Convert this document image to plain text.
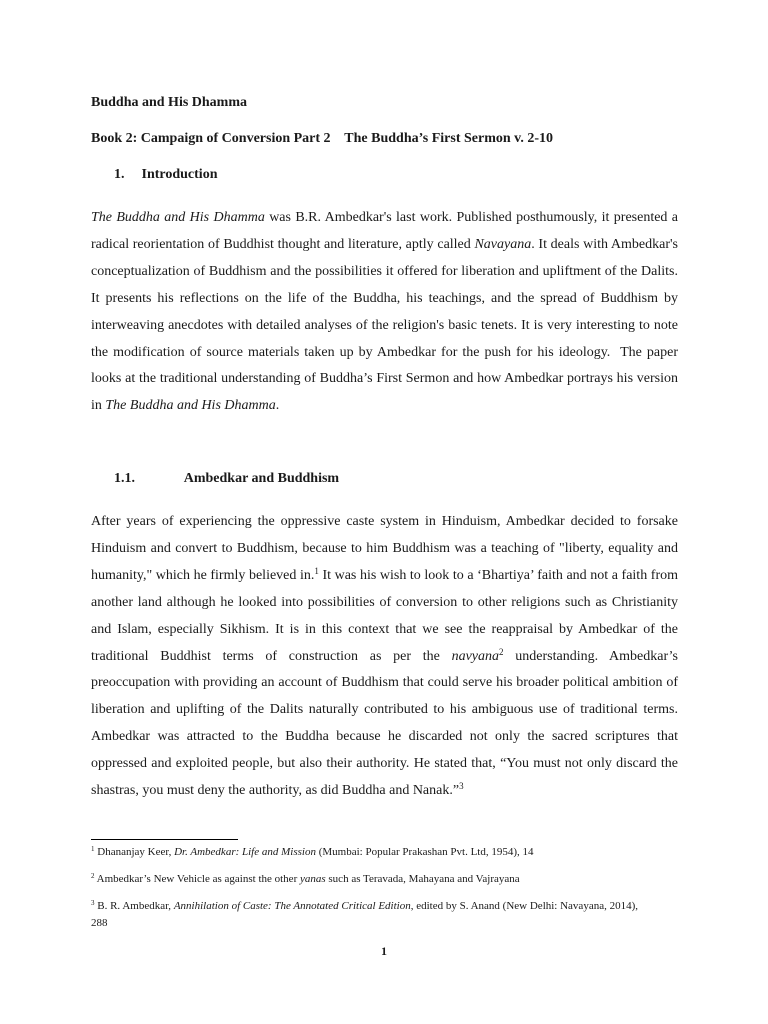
Buddha and His Dhamma
Book 2: Campaign of Conversion Part 2    The Buddha’s First Sermon v. 2-10
1. Introduction

The Buddha and His Dhamma was B.R. Ambedkar's last work. Published posthumously, it presented a radical reorientation of Buddhist thought and literature, aptly called Navayana. It deals with Ambedkar's conceptualization of Buddhism and the possibilities it offered for liberation and upliftment of the Dalits. It presents his reflections on the life of the Buddha, his teachings, and the spread of Buddhism by interweaving anecdotes with detailed analyses of the religion's basic tenets. It is very interesting to note the modification of source materials taken up by Ambedkar for the push for his ideology.  The paper looks at the traditional understanding of Buddha’s First Sermon and how Ambedkar portrays his version in The Buddha and His Dhamma.

1.1.	Ambedkar and Buddhism

After years of experiencing the oppressive caste system in Hinduism, Ambedkar decided to forsake Hinduism and convert to Buddhism, because to him Buddhism was a teaching of "liberty, equality and humanity," which he firmly believed in.$^1$ It was his wish to look to a ‘Bhartiya’ faith and not a faith from another land although he looked into possibilities of conversion to other religions such as Christianity and Islam, especially Sikhism. It is in this context that we see the reappraisal by Ambedkar of the traditional Buddhist terms of construction as per the navyana$^2$ understanding. Ambedkar’s preoccupation with providing an account of Buddhism that could serve his broader political ambition of liberation and uplifting of the Dalits naturally contributed to his ambiguous use of traditional terms. Ambedkar was attracted to the Buddha because he discarded not only the sacred scriptures that oppressed and exploited people, but also their authority. He stated that, “You must not only discard the shastras, you must deny the authority, as did Buddha and Nanak.”$^3$

$^1$ Dhananjay Keer, Dr. Ambedkar: Life and Mission (Mumbai: Popular Prakashan Pvt. Ltd, 1954), 14
$^2$ Ambedkar’s New Vehicle as against the other yanas such as Teravada, Mahayana and Vajrayana
$^3$ B. R. Ambedkar, Annihilation of Caste: The Annotated Critical Edition, edited by S. Anand (New Delhi: Navayana, 2014), 288
1
